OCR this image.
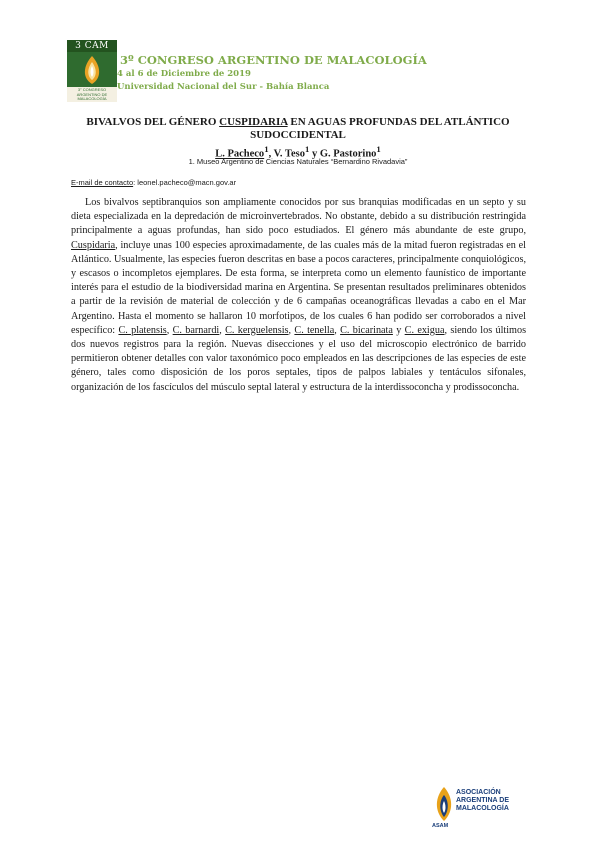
3 CAM
3° CONGRESO
ARGENTINO DE
MALACOLOGÍA
3º CONGRESO ARGENTINO DE MALACOLOGÍA
4 al 6 de Diciembre de 2019
Universidad Nacional del Sur - Bahía Blanca
BIVALVOS DEL GÉNERO CUSPIDARIA EN AGUAS PROFUNDAS DEL ATLÁNTICO SUDOCCIDENTAL
L. Pacheco$^1$, V. Teso$^1$ y G. Pastorino$^1$
1. Museo Argentino de Ciencias Naturales “Bernardino Rivadavia”
E-mail de contacto: leonel.pacheco@macn.gov.ar
Los bivalvos septibranquios son ampliamente conocidos por sus branquias modificadas en un septo y su dieta especializada en la depredación de microinvertebrados. No obstante, debido a su distribución restringida principalmente a aguas profundas, han sido poco estudiados. El género más abundante de este grupo, Cuspidaria, incluye unas 100 especies aproximadamente, de las cuales más de la mitad fueron registradas en el Atlántico. Usualmente, las especies fueron descritas en base a pocos caracteres, principalmente conquiológicos, y escasos o incompletos ejemplares. De esta forma, se interpreta como un elemento faunístico de importante interés para el estudio de la biodiversidad marina en Argentina. Se presentan resultados preliminares obtenidos a partir de la revisión de material de colección y de 6 campañas oceanográficas llevadas a cabo en el Mar Argentino. Hasta el momento se hallaron 10 morfotipos, de los cuales 6 han podido ser corroborados a nivel específico: C. platensis, C. barnardi, C. kerguelensis, C. tenella, C. bicarinata y C. exigua, siendo los últimos dos nuevos registros para la región. Nuevas disecciones y el uso del microscopio electrónico de barrido permitieron obtener detalles con valor taxonómico poco empleados en las descripciones de las especies de este género, tales como disposición de los poros septales, tipos de palpos labiales y tentáculos sifonales, organización de los fascículos del músculo septal lateral y estructura de la interdissoconcha y prodissoconcha.
ASOCIACIÓN
ARGENTINA DE
MALACOLOGÍA
ASAM
